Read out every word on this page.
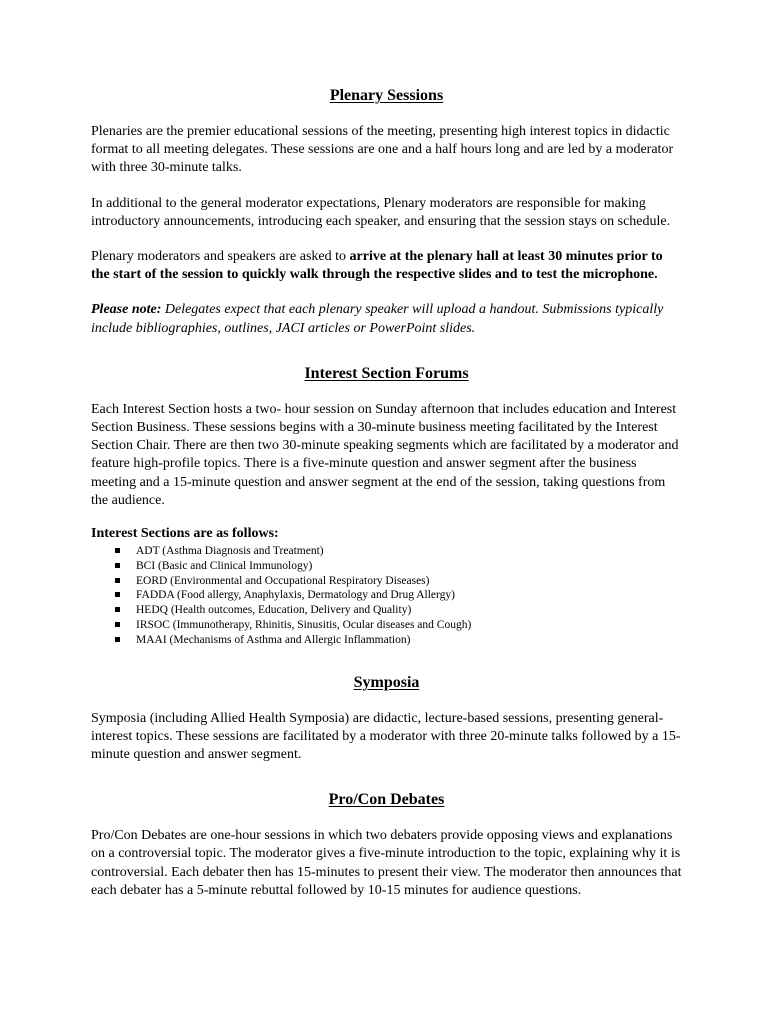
Plenary Sessions

Plenaries are the premier educational sessions of the meeting, presenting high interest topics in didactic format to all meeting delegates. These sessions are one and a half hours long and are led by a moderator with three 30-minute talks.

In additional to the general moderator expectations, Plenary moderators are responsible for making introductory announcements, introducing each speaker, and ensuring that the session stays on schedule.

Plenary moderators and speakers are asked to arrive at the plenary hall at least 30 minutes prior to the start of the session to quickly walk through the respective slides and to test the microphone.

Please note: Delegates expect that each plenary speaker will upload a handout. Submissions typically include bibliographies, outlines, JACI articles or PowerPoint slides.

Interest Section Forums

Each Interest Section hosts a two- hour session on Sunday afternoon that includes education and Interest Section Business. These sessions begins with a 30-minute business meeting facilitated by the Interest Section Chair. There are then two 30-minute speaking segments which are facilitated by a moderator and feature high-profile topics. There is a five-minute question and answer segment after the business meeting and a 15-minute question and answer segment at the end of the session, taking questions from the audience.

Interest Sections are as follows:

ADT (Asthma Diagnosis and Treatment)
BCI (Basic and Clinical Immunology)
EORD (Environmental and Occupational Respiratory Diseases)
FADDA (Food allergy, Anaphylaxis, Dermatology and Drug Allergy)
HEDQ (Health outcomes, Education, Delivery and Quality)
IRSOC (Immunotherapy, Rhinitis, Sinusitis, Ocular diseases and Cough)
MAAI (Mechanisms of Asthma and Allergic Inflammation)
Symposia

Symposia (including Allied Health Symposia) are didactic, lecture-based sessions, presenting general-interest topics. These sessions are facilitated by a moderator with three 20-minute talks followed by a 15-minute question and answer segment.

Pro/Con Debates

Pro/Con Debates are one-hour sessions in which two debaters provide opposing views and explanations on a controversial topic. The moderator gives a five-minute introduction to the topic, explaining why it is controversial. Each debater then has 15-minutes to present their view. The moderator then announces that each debater has a 5-minute rebuttal followed by 10-15 minutes for audience questions.
